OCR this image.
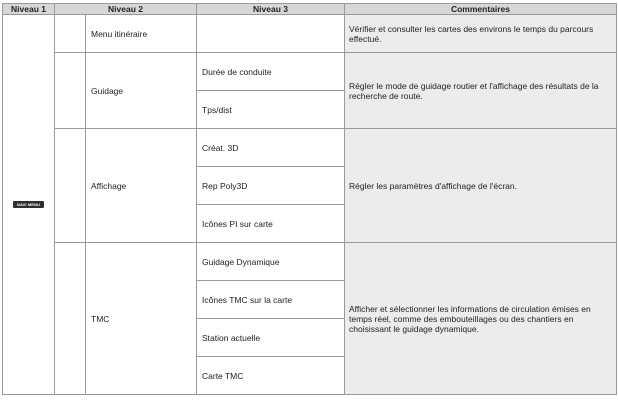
Niveau 1	Niveau 2		Niveau 3	Commentaires

NAVI MENU		Menu itinéraire		Vérifier et consulter les cartes des environs le temps du parcours effectué.
		Guidage	Durée de conduite	Régler le mode de guidage routier et l'affichage des résultats de la recherche de route.
			Tps/dist	
		Affichage	Créat. 3D	Régler les paramètres d'affichage de l'écran.
			Rep Poly3D	
			Icônes PI sur carte	
		TMC	Guidage Dynamique	Afficher et sélectionner les informations de circulation émises en temps réel, comme des embouteillages ou des chantiers en choisissant le guidage dynamique.
			Icônes TMC sur la carte	
			Station actuelle	
			Carte TMC	
